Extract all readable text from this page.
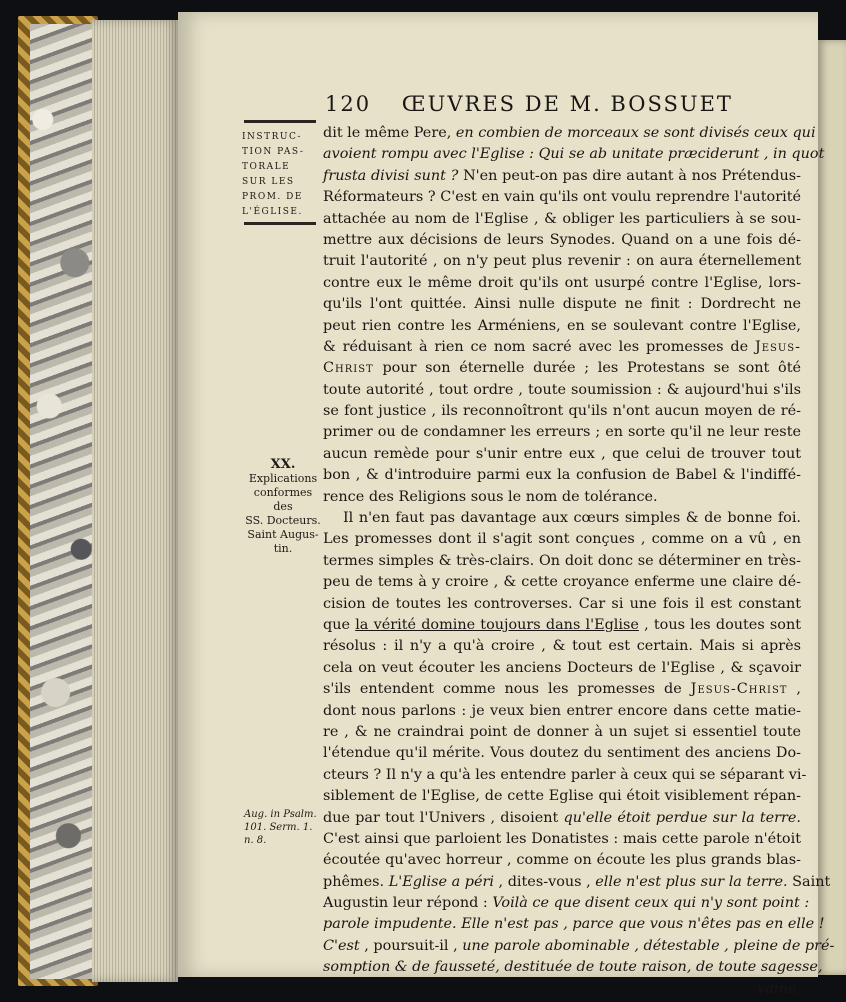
120 ŒUVRES DE M. BOSSUET
INSTRUC-
TION PAS-
TORALE
SUR LES
PROM. DE
L'ÉGLISE.
XX.
Explications
conformes des
SS. Docteurs.
Saint Augus-
tin.
Aug. in Psalm.
101. Serm. 1.
n. 8.
dit le même Pere, en combien de morceaux se sont divisés ceux qui
avoient rompu avec l'Eglise : Qui se ab unitate præciderunt , in quot
frusta divisi sunt ? N'en peut-on pas dire autant à nos Prétendus-
Réformateurs ? C'est en vain qu'ils ont voulu reprendre l'autorité
attachée au nom de l'Eglise , & obliger les particuliers à se sou-
mettre aux décisions de leurs Synodes. Quand on a une fois dé-
truit l'autorité , on n'y peut plus revenir : on aura éternellement
contre eux le même droit qu'ils ont usurpé contre l'Eglise, lors-
qu'ils l'ont quittée. Ainsi nulle dispute ne finit : Dordrecht ne
peut rien contre les Arméniens, en se soulevant contre l'Eglise,
& réduisant à rien ce nom sacré avec les promesses de Jesus-
Christ pour son éternelle durée ; les Protestans se sont ôté
toute autorité , tout ordre , toute soumission : & aujourd'hui s'ils
se font justice , ils reconnoîtront qu'ils n'ont aucun moyen de ré-
primer ou de condamner les erreurs ; en sorte qu'il ne leur reste
aucun remède pour s'unir entre eux , que celui de trouver tout
bon , & d'introduire parmi eux la confusion de Babel & l'indiffé-
rence des Religions sous le nom de tolérance.
Il n'en faut pas davantage aux cœurs simples & de bonne foi.
Les promesses dont il s'agit sont conçues , comme on a vû , en
termes simples & très-clairs. On doit donc se déterminer en très-
peu de tems à y croire , & cette croyance enferme une claire dé-
cision de toutes les controverses. Car si une fois il est constant
que la vérité domine toujours dans l'Eglise , tous les doutes sont
résolus : il n'y a qu'à croire , & tout est certain. Mais si après
cela on veut écouter les anciens Docteurs de l'Eglise , & sçavoir
s'ils entendent comme nous les promesses de Jesus-Christ ,
dont nous parlons : je veux bien entrer encore dans cette matie-
re , & ne craindrai point de donner à un sujet si essentiel toute
l'étendue qu'il mérite. Vous doutez du sentiment des anciens Do-
cteurs ? Il n'y a qu'à les entendre parler à ceux qui se séparant vi-
siblement de l'Eglise, de cette Eglise qui étoit visiblement répan-
due par tout l'Univers , disoient qu'elle étoit perdue sur la terre.
C'est ainsi que parloient les Donatistes : mais cette parole n'étoit
écoutée qu'avec horreur , comme on écoute les plus grands blas-
phêmes. L'Eglise a péri , dites-vous , elle n'est plus sur la terre. Saint
Augustin leur répond : Voilà ce que disent ceux qui n'y sont point :
parole impudente. Elle n'est pas , parce que vous n'êtes pas en elle !
C'est , poursuit-il , une parole abominable , détestable , pleine de pré-
somption & de fausseté, destituée de toute raison, de toute sagesse,
vaine,
